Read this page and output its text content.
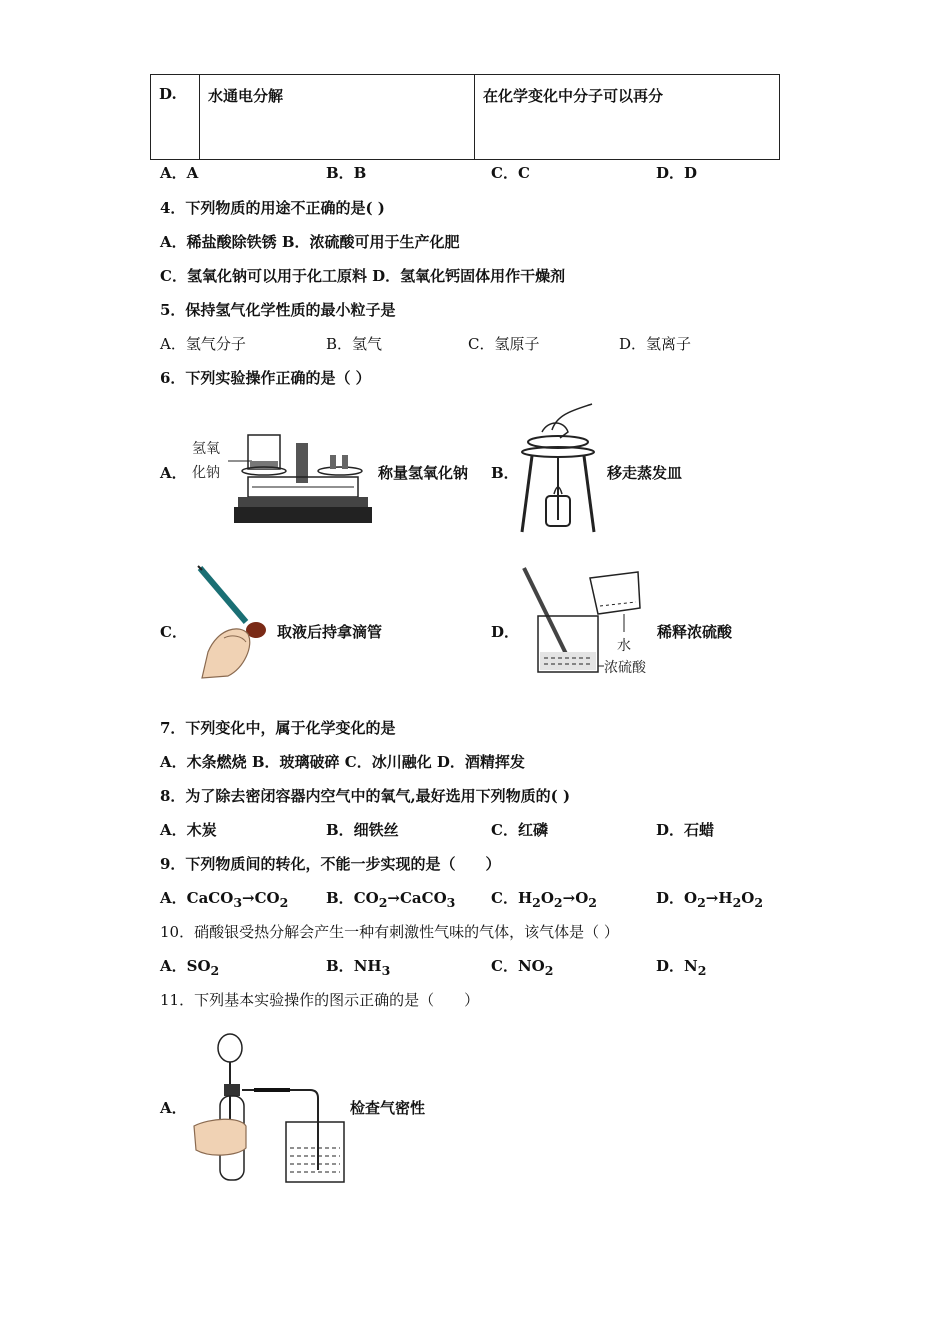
D.	水通电分解	在化学变化中分子可以再分
A．A	B．B	C．C	D．D
4．下列物质的用途不正确的是( )
A．稀盐酸除铁锈 B．浓硫酸可用于生产化肥
C．氢氧化钠可以用于化工原料 D．氢氧化钙固体用作干燥剂
5．保持氢气化学性质的最小粒子是
A．氢气分子	B．氢气	C．氢原子	D．氢离子
6．下列实验操作正确的是（ ）
A．
氢氧
化钠	称量氢氧化钠 B．	移走蒸发皿
C．	取液后持拿滴管	D．
水
浓硫酸
稀释浓硫酸
7．下列变化中，属于化学变化的是
A．木条燃烧 B．玻璃破碎 C．冰川融化 D．酒精挥发
8．为了除去密闭容器内空气中的氧气,最好选用下列物质的( )
A．木炭	B．细铁丝	C．红磷	D．石蜡
9．下列物质间的转化，不能一步实现的是（　　）
A．$CaCO_3\to CO_2$	B．$CO_2\to CaCO_3$ C．$H_2O_2\to O_2$	D．$O_2\to H_2O_2$
10．硝酸银受热分解会产生一种有刺激性气味的气体，该气体是（ ）
A．$SO_2$	B．$NH_3$	C．$NO_2$	D．$N_2$
11．下列基本实验操作的图示正确的是（　　）
A．	检查气密性
